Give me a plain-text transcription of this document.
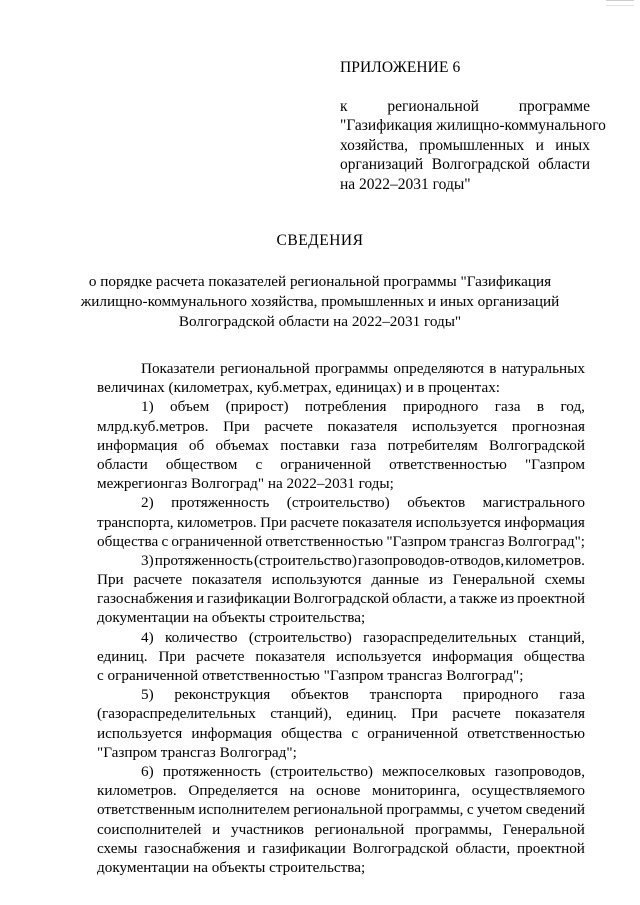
ПРИЛОЖЕНИЕ 6
к	региональной	программе
"Газификация жилищно-коммунального
хозяйства, промышленных и иных
организаций Волгоградской области
на 2022–2031 годы"
СВЕДЕНИЯ
о порядке расчета показателей региональной программы "Газификация
жилищно-коммунального хозяйства, промышленных и иных организаций
Волгоградской области на 2022–2031 годы"
Показатели региональной программы определяются в натуральных
величинах (километрах, куб.метрах, единицах) и в процентах:
1) объем (прирост) потребления природного газа в год,
млрд.куб.метров. При расчете показателя используется прогнозная
информация об объемах поставки газа потребителям Волгоградской
области обществом с ограниченной ответственностью "Газпром
межрегионгаз Волгоград" на 2022–2031 годы;
2) протяженность (строительство) объектов магистрального
транспорта, километров. При расчете показателя используется информация
общества с ограниченной ответственностью "Газпром трансгаз Волгоград";
3) протяженность (строительство) газопроводов-отводов, километров.
При расчете показателя используются данные из Генеральной схемы
газоснабжения и газификации Волгоградской области, а также из проектной
документации на объекты строительства;
4) количество (строительство) газораспределительных станций,
единиц. При расчете показателя используется информация общества
с ограниченной ответственностью "Газпром трансгаз Волгоград";
5) реконструкция объектов транспорта природного газа
(газораспределительных станций), единиц. При расчете показателя
используется информация общества с ограниченной ответственностью
"Газпром трансгаз Волгоград";
6) протяженность (строительство) межпоселковых газопроводов,
километров. Определяется на основе мониторинга, осуществляемого
ответственным исполнителем региональной программы, с учетом сведений
соисполнителей и участников региональной программы, Генеральной
схемы газоснабжения и газификации Волгоградской области, проектной
документации на объекты строительства;
